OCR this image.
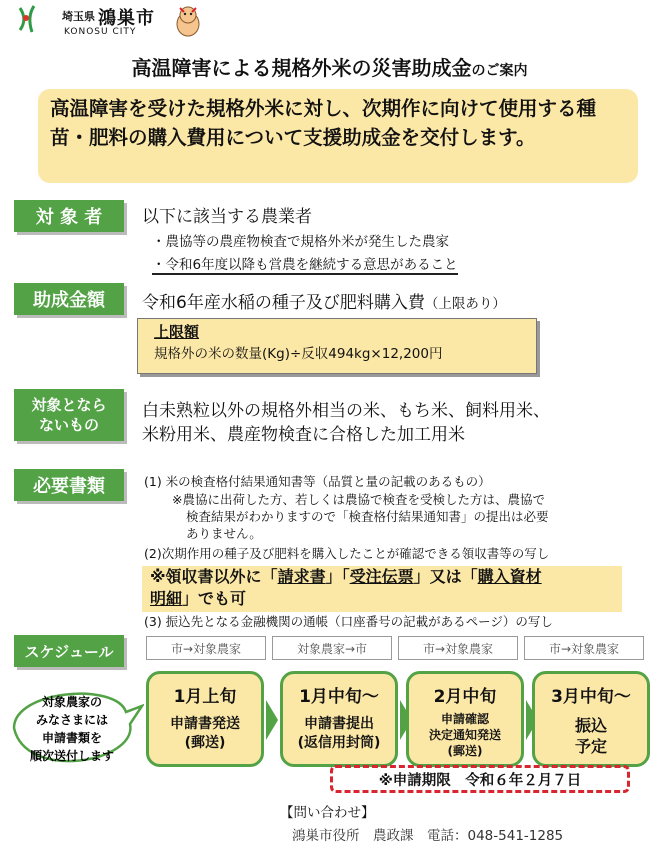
埼玉県 鴻巣市
KONOSU CITY
高温障害による規格外米の災害助成金のご案内
高温障害を受けた規格外米に対し、次期作に向けて使用する種苗・肥料の購入費用について支援助成金を交付します。
対 象 者	以下に該当する農業者
・農協等の農産物検査で規格外米が発生した農家
・令和6年度以降も営農を継続する意思があること
助成金額	令和6年産水稲の種子及び肥料購入費（上限あり）
上限額
規格外の米の数量(Kg)÷反収494kg×12,200円
対象となら
ないもの
白未熟粒以外の規格外相当の米、もち米、飼料用米、
米粉用米、農産物検査に合格した加工用米
必要書類	(1) 米の検査格付結果通知書等（品質と量の記載のあるもの）
※農協に出荷した方、若しくは農協で検査を受検した方は、農協で
検査結果がわかりますので「検査格付結果通知書」の提出は必要
ありません。
(2)次期作用の種子及び肥料を購入したことが確認できる領収書等の写し
※領収書以外に「請求書」「受注伝票」又は「購入資材
明細」でも可
(3) 振込先となる金融機関の通帳（口座番号の記載があるページ）の写し
スケジュール	市→対象農家	対象農家→市	市→対象農家	市→対象農家
対象農家の
みなさまには
申請書類を
順次送付します
1月上旬
申請書発送
(郵送)
1月中旬～
申請書提出
(返信用封筒)
2月中旬
申請確認
決定通知発送
(郵送)
3月中旬～
振込
予定
※申請期限　令和６年２月７日
【問い合わせ】
鴻巣市役所　農政課　電話：048-541-1285
